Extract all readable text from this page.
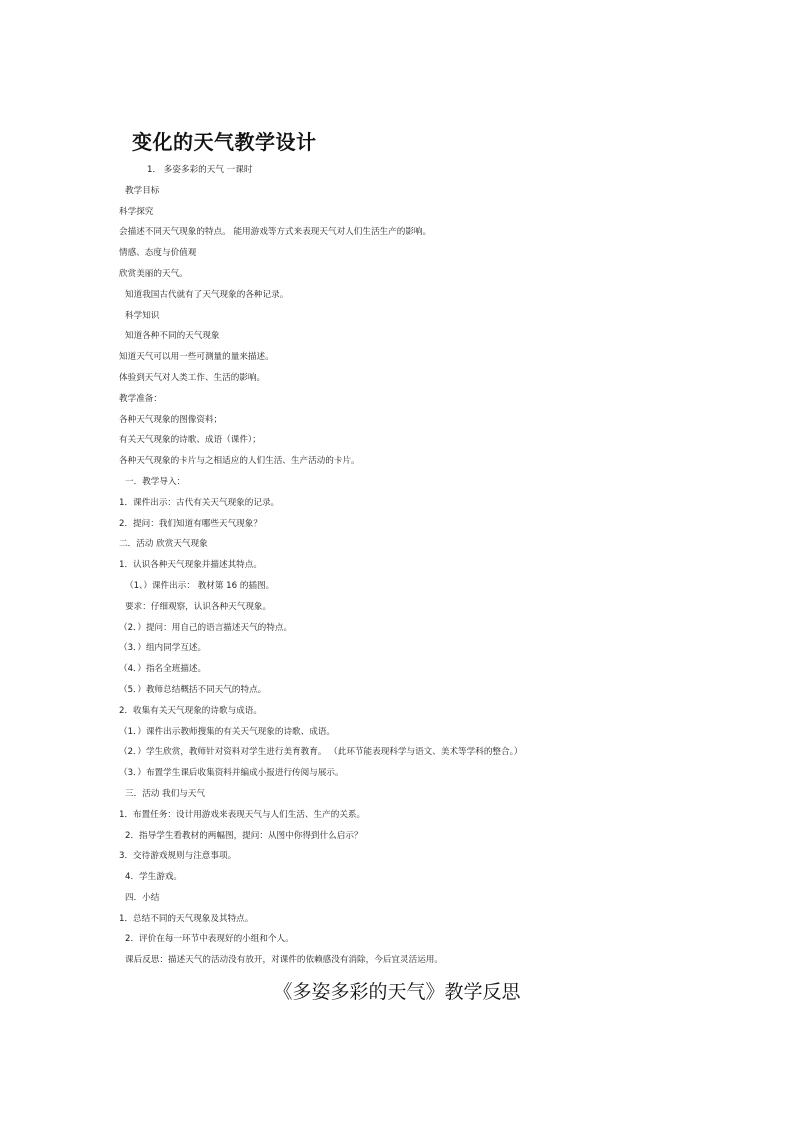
变化的天气教学设计
1． 多姿多彩的天气 一课时
教学目标
科学探究
会描述不同天气现象的特点。 能用游戏等方式来表现天气对人们生活生产的影响。
情感、态度与价值观
欣赏美丽的天气。
知道我国古代就有了天气现象的各种记录。
科学知识
知道各种不同的天气现象
知道天气可以用一些可测量的量来描述。
体验到天气对人类工作、生活的影响。
教学准备：
各种天气现象的图像资料；
有关天气现象的诗歌、成语（课件）；
各种天气现象的卡片与之相适应的人们生活、生产活动的卡片。
一．教学导入：
1．课件出示：古代有关天气现象的记录。
2．提问：我们知道有哪些天气现象？
二．活动 欣赏天气现象
1．认识各种天气现象并描述其特点。
（1、）课件出示： 教材第 16 的插图。
要求：仔细观察，认识各种天气现象。
（2．）提问：用自己的语言描述天气的特点。
（3．）组内同学互述。
（4．）指名全班描述。
（5．）教师总结概括不同天气的特点。
2．收集有关天气现象的诗歌与成语。
（1．）课件出示教师搜集的有关天气现象的诗歌、成语。
（2．）学生欣赏，教师针对资料对学生进行美育教育。 （此环节能表现科学与语文、美术等学科的整合。）
（3．）布置学生课后收集资料并编成小报进行传阅与展示。
三．活动 我们与天气
1．布置任务：设计用游戏来表现天气与人们生活、生产的关系。
2．指导学生看教材的两幅图，提问：从图中你得到什么启示？
3．交待游戏规则与注意事项。
4．学生游戏。
四．小结
1．总结不同的天气现象及其特点。
2．评价在每一环节中表现好的小组和个人。
课后反思：描述天气的活动没有放开，对课件的依赖感没有消除，今后宜灵活运用。
《多姿多彩的天气》教学反思
